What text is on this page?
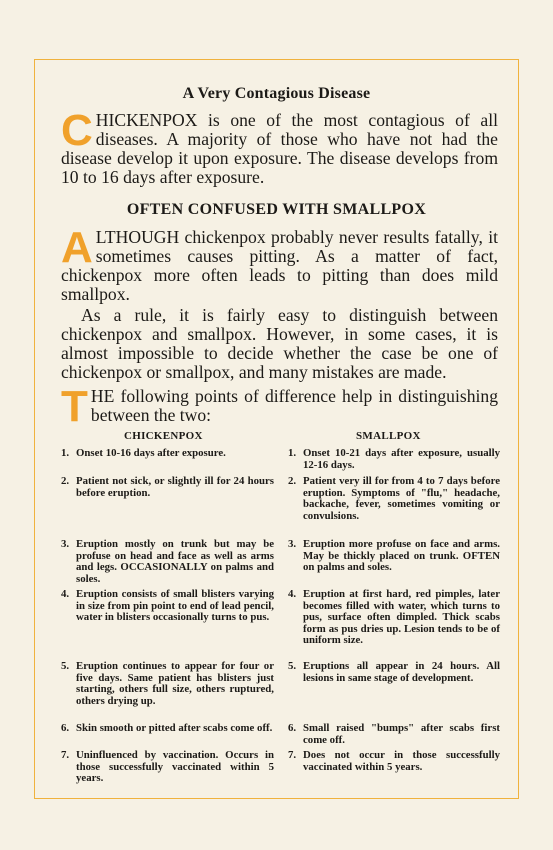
A Very Contagious Disease

CHICKENPOX is one of the most contagious of all diseases. A majority of those who have not had the disease develop it upon exposure. The disease develops from 10 to 16 days after exposure.

OFTEN CONFUSED WITH SMALLPOX

ALTHOUGH chickenpox probably never results fatally, it sometimes causes pitting. As a matter of fact, chickenpox more often leads to pitting than does mild smallpox.

As a rule, it is fairly easy to distinguish between chickenpox and smallpox. However, in some cases, it is almost impossible to decide whether the case be one of chickenpox or smallpox, and many mistakes are made.

THE following points of difference help in distinguishing between the two:

CHICKENPOX	SMALLPOX
1. Onset 10-16 days after exposure.	1. Onset 10-21 days after exposure, usually 12-16 days.
2. Patient not sick, or slightly ill for 24 hours before eruption.
2. Patient very ill for from 4 to 7 days before eruption. Symptoms of "flu," headache, backache, fever, sometimes vomiting or convulsions.
3. Eruption mostly on trunk but may be profuse on head and face as well as arms and legs. OCCASIONALLY on palms and soles.
3. Eruption more profuse on face and arms. May be thickly placed on trunk. OFTEN on palms and soles.
4. Eruption consists of small blisters varying in size from pin point to end of lead pencil, water in blisters occasionally turns to pus.
4. Eruption at first hard, red pimples, later becomes filled with water, which turns to pus, surface often dimpled. Thick scabs form as pus dries up. Lesion tends to be of uniform size.
5. Eruption continues to appear for four or five days. Same patient has blisters just starting, others full size, others ruptured, others drying up.
5. Eruptions all appear in 24 hours. All lesions in same stage of development.
6. Skin smooth or pitted after scabs come off. 6. Small raised "bumps" after scabs first come off.
7. Uninfluenced by vaccination. Occurs in those successfully vaccinated within 5 years.
7. Does not occur in those successfully vaccinated within 5 years.
